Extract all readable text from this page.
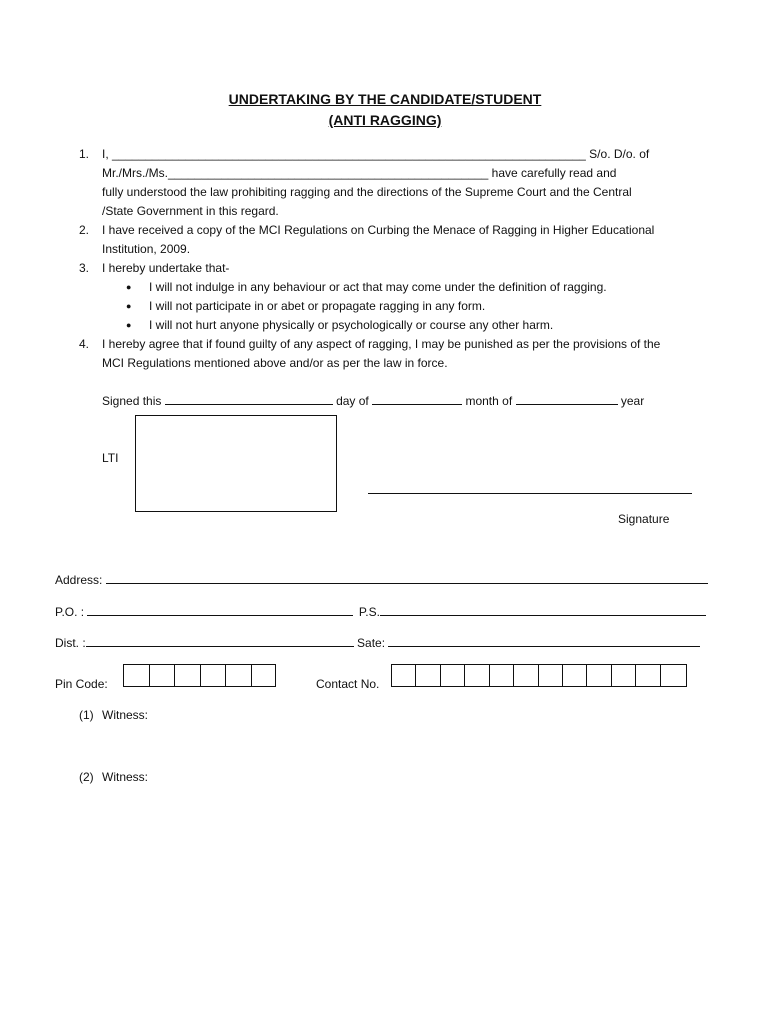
UNDERTAKING BY THE CANDIDATE/STUDENT
(ANTI RAGGING)
1. I, _______________________________________________________________________ S/o. D/o. of
Mr./Mrs./Ms.________________________________________________ have carefully read and
fully understood the law prohibiting ragging and the directions of the Supreme Court and the Central
/State Government in this regard.
2. I have received a copy of the MCI Regulations on Curbing the Menace of Ragging in Higher Educational
Institution, 2009.
3. I hereby undertake that-
● I will not indulge in any behaviour or act that may come under the definition of ragging.
● I will not participate in or abet or propagate ragging in any form.
● I will not hurt anyone physically or psychologically or course any other harm.
4. I hereby agree that if found guilty of any aspect of ragging, I may be punished as per the provisions of the
MCI Regulations mentioned above and/or as per the law in force.
Signed this	day of	month of	year
LTI
Signature
Address:
P.O. :	P.S.
Dist. :	Sate:
Pin Code:	Contact No.
(1) Witness:
(2) Witness:
